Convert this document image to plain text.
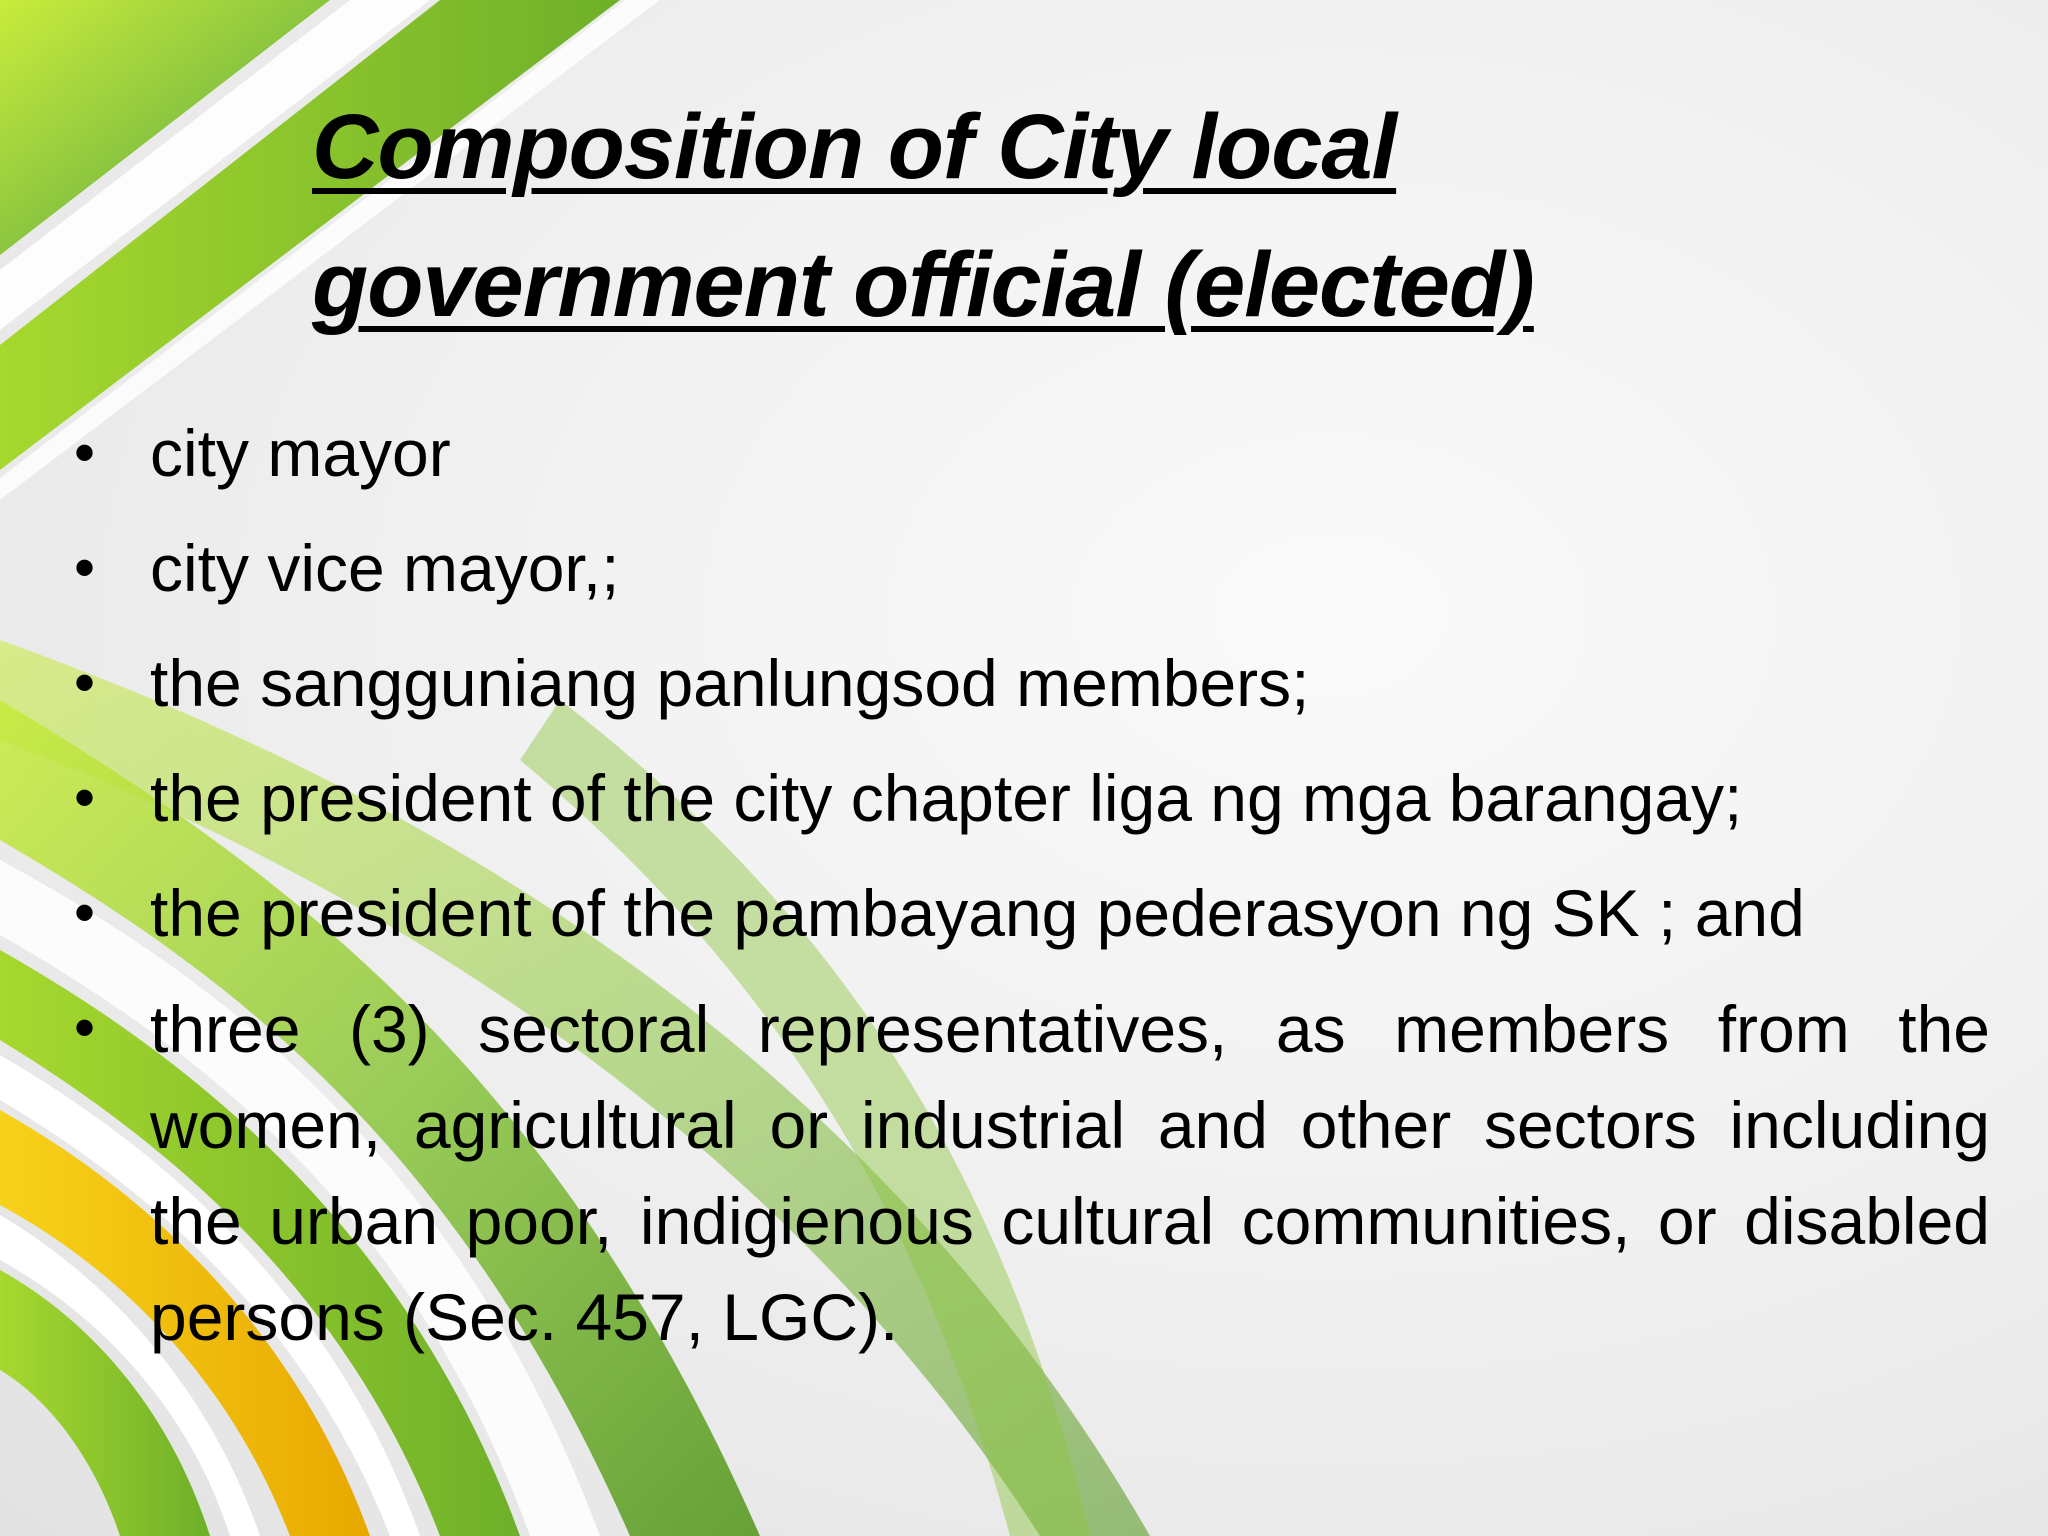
Composition of City local
government official (elected)
• city mayor
• city vice mayor,;
• the sangguniang panlungsod members;
• the president of the city chapter liga ng mga barangay;
• the president of the pambayang pederasyon ng SK ; and
• three (3) sectoral representatives, as members from the women, agricultural or industrial and other sectors including the urban poor, indigienous cultural communities, or disabled persons (Sec. 457, LGC).
